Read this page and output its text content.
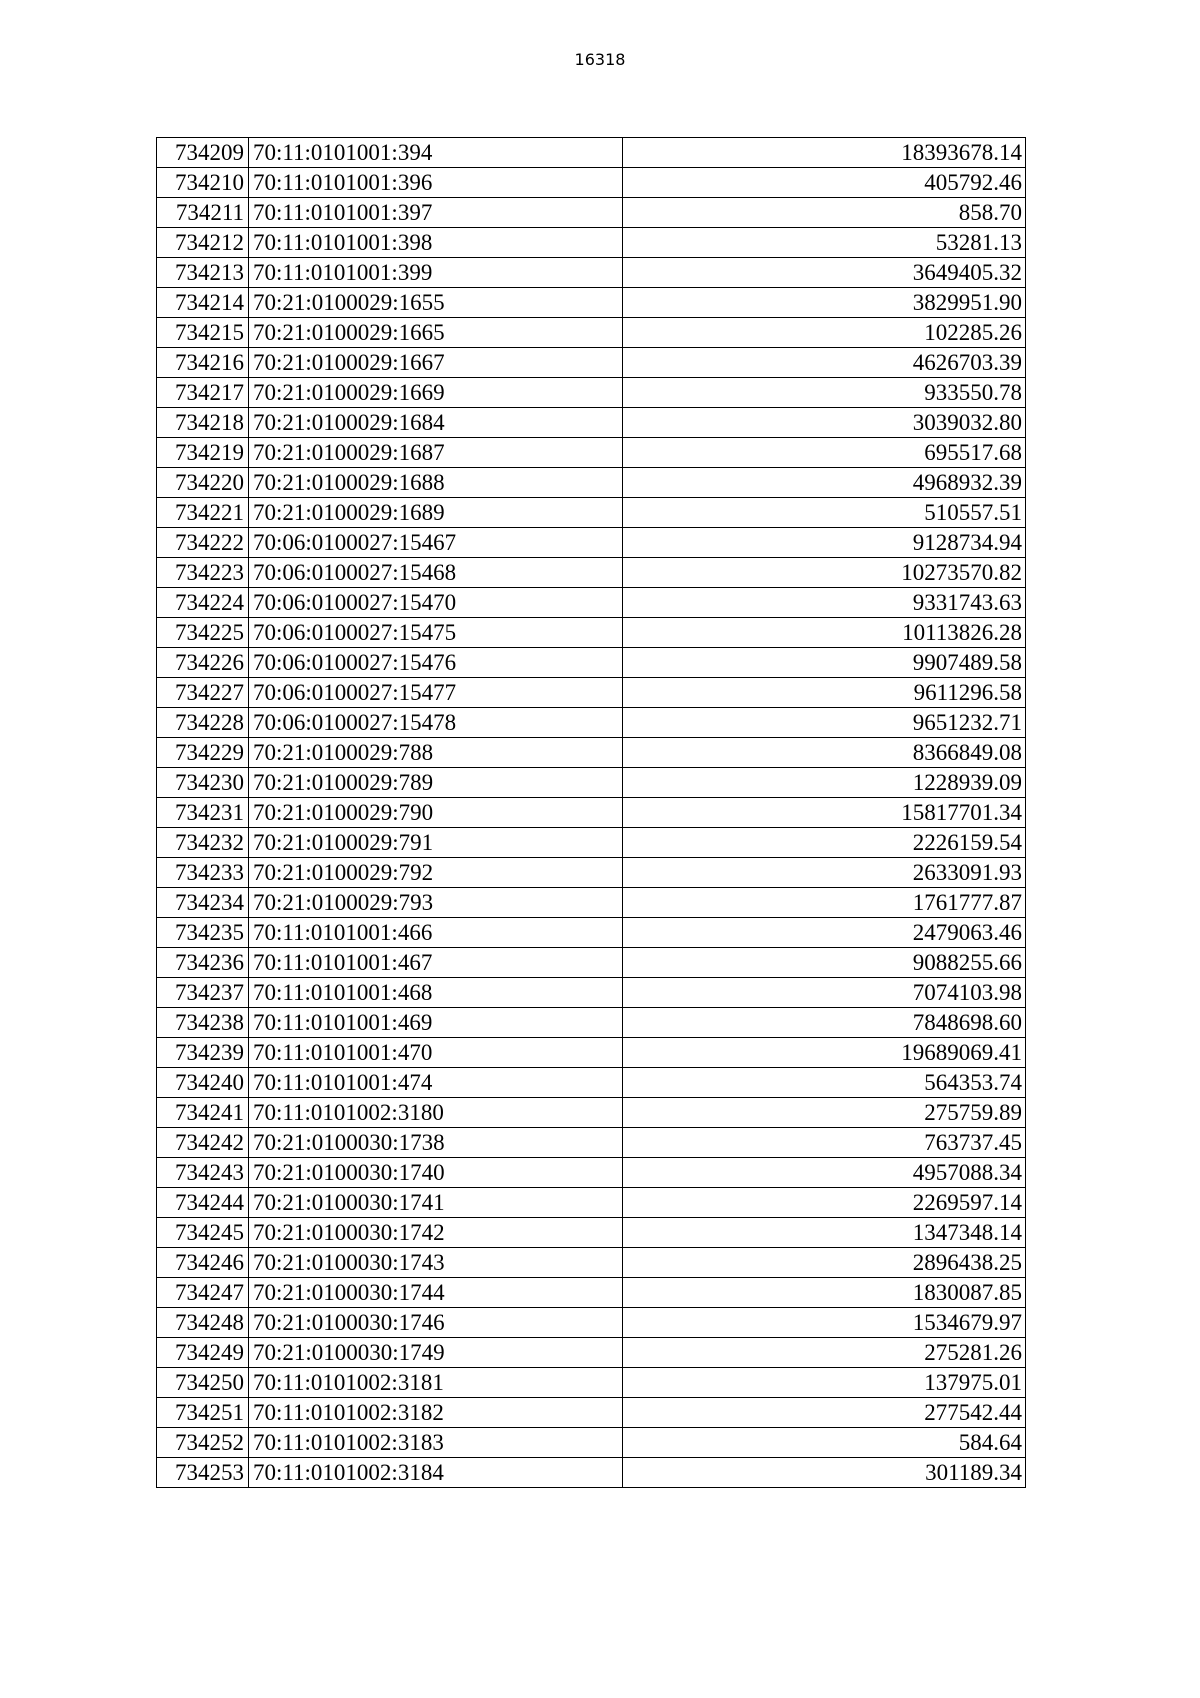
16318
734209	70:11:0101001:394	18393678.14
734210	70:11:0101001:396	405792.46
734211	70:11:0101001:397	858.70
734212	70:11:0101001:398	53281.13
734213	70:11:0101001:399	3649405.32
734214	70:21:0100029:1655	3829951.90
734215	70:21:0100029:1665	102285.26
734216	70:21:0100029:1667	4626703.39
734217	70:21:0100029:1669	933550.78
734218	70:21:0100029:1684	3039032.80
734219	70:21:0100029:1687	695517.68
734220	70:21:0100029:1688	4968932.39
734221	70:21:0100029:1689	510557.51
734222	70:06:0100027:15467	9128734.94
734223	70:06:0100027:15468	10273570.82
734224	70:06:0100027:15470	9331743.63
734225	70:06:0100027:15475	10113826.28
734226	70:06:0100027:15476	9907489.58
734227	70:06:0100027:15477	9611296.58
734228	70:06:0100027:15478	9651232.71
734229	70:21:0100029:788	8366849.08
734230	70:21:0100029:789	1228939.09
734231	70:21:0100029:790	15817701.34
734232	70:21:0100029:791	2226159.54
734233	70:21:0100029:792	2633091.93
734234	70:21:0100029:793	1761777.87
734235	70:11:0101001:466	2479063.46
734236	70:11:0101001:467	9088255.66
734237	70:11:0101001:468	7074103.98
734238	70:11:0101001:469	7848698.60
734239	70:11:0101001:470	19689069.41
734240	70:11:0101001:474	564353.74
734241	70:11:0101002:3180	275759.89
734242	70:21:0100030:1738	763737.45
734243	70:21:0100030:1740	4957088.34
734244	70:21:0100030:1741	2269597.14
734245	70:21:0100030:1742	1347348.14
734246	70:21:0100030:1743	2896438.25
734247	70:21:0100030:1744	1830087.85
734248	70:21:0100030:1746	1534679.97
734249	70:21:0100030:1749	275281.26
734250	70:11:0101002:3181	137975.01
734251	70:11:0101002:3182	277542.44
734252	70:11:0101002:3183	584.64
734253	70:11:0101002:3184	301189.34
